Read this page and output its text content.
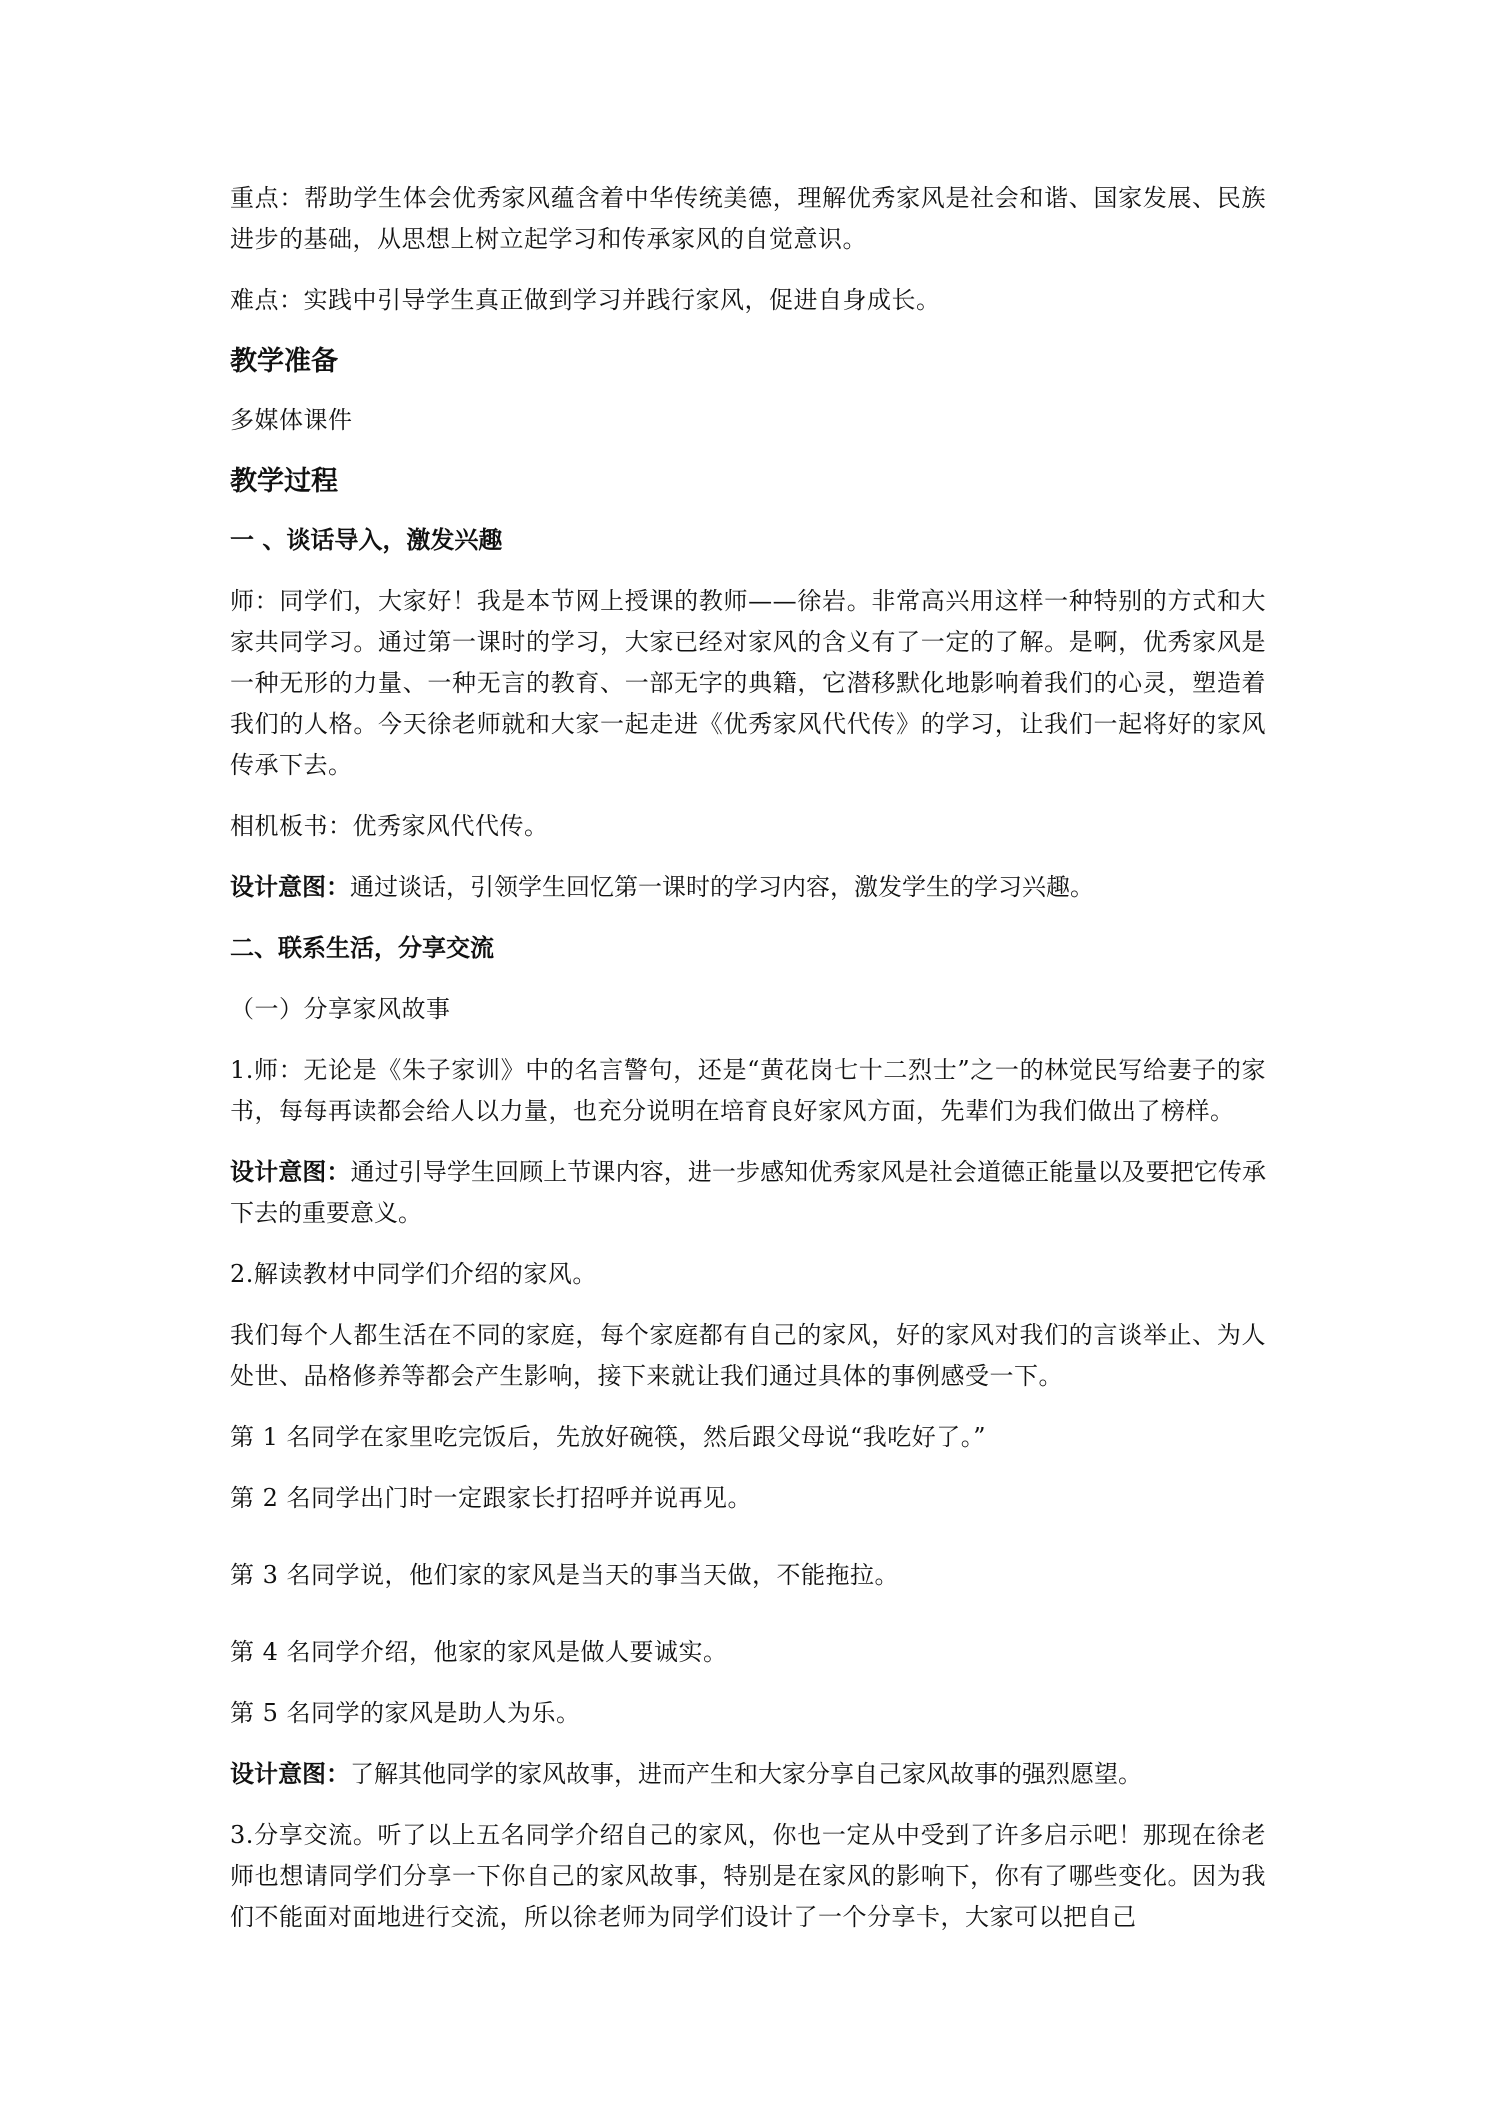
重点：帮助学生体会优秀家风蕴含着中华传统美德，理解优秀家风是社会和谐、国家发展、民族进步的基础，从思想上树立起学习和传承家风的自觉意识。

难点：实践中引导学生真正做到学习并践行家风，促进自身成长。

教学准备

多媒体课件

教学过程
一 、谈话导入，激发兴趣

师：同学们，大家好！我是本节网上授课的教师——徐岩。非常高兴用这样一种特别的方式和大家共同学习。通过第一课时的学习，大家已经对家风的含义有了一定的了解。是啊，优秀家风是一种无形的力量、一种无言的教育、一部无字的典籍，它潜移默化地影响着我们的心灵，塑造着我们的人格。今天徐老师就和大家一起走进《优秀家风代代传》的学习，让我们一起将好的家风传承下去。

相机板书：优秀家风代代传。

设计意图：通过谈话，引领学生回忆第一课时的学习内容，激发学生的学习兴趣。

二、联系生活，分享交流

（一）分享家风故事

1.师：无论是《朱子家训》中的名言警句，还是“黄花岗七十二烈士”之一的林觉民写给妻子的家书，每每再读都会给人以力量，也充分说明在培育良好家风方面，先辈们为我们做出了榜样。

设计意图：通过引导学生回顾上节课内容，进一步感知优秀家风是社会道德正能量以及要把它传承下去的重要意义。

2.解读教材中同学们介绍的家风。

我们每个人都生活在不同的家庭，每个家庭都有自己的家风，好的家风对我们的言谈举止、为人处世、品格修养等都会产生影响，接下来就让我们通过具体的事例感受一下。

第 1 名同学在家里吃完饭后，先放好碗筷，然后跟父母说“我吃好了。”

第 2 名同学出门时一定跟家长打招呼并说再见。

第 3 名同学说，他们家的家风是当天的事当天做，不能拖拉。

第 4 名同学介绍，他家的家风是做人要诚实。

第 5 名同学的家风是助人为乐。

设计意图：了解其他同学的家风故事，进而产生和大家分享自己家风故事的强烈愿望。

3.分享交流。听了以上五名同学介绍自己的家风，你也一定从中受到了许多启示吧！那现在徐老师也想请同学们分享一下你自己的家风故事，特别是在家风的影响下，你有了哪些变化。因为我们不能面对面地进行交流，所以徐老师为同学们设计了一个分享卡，大家可以把自己
